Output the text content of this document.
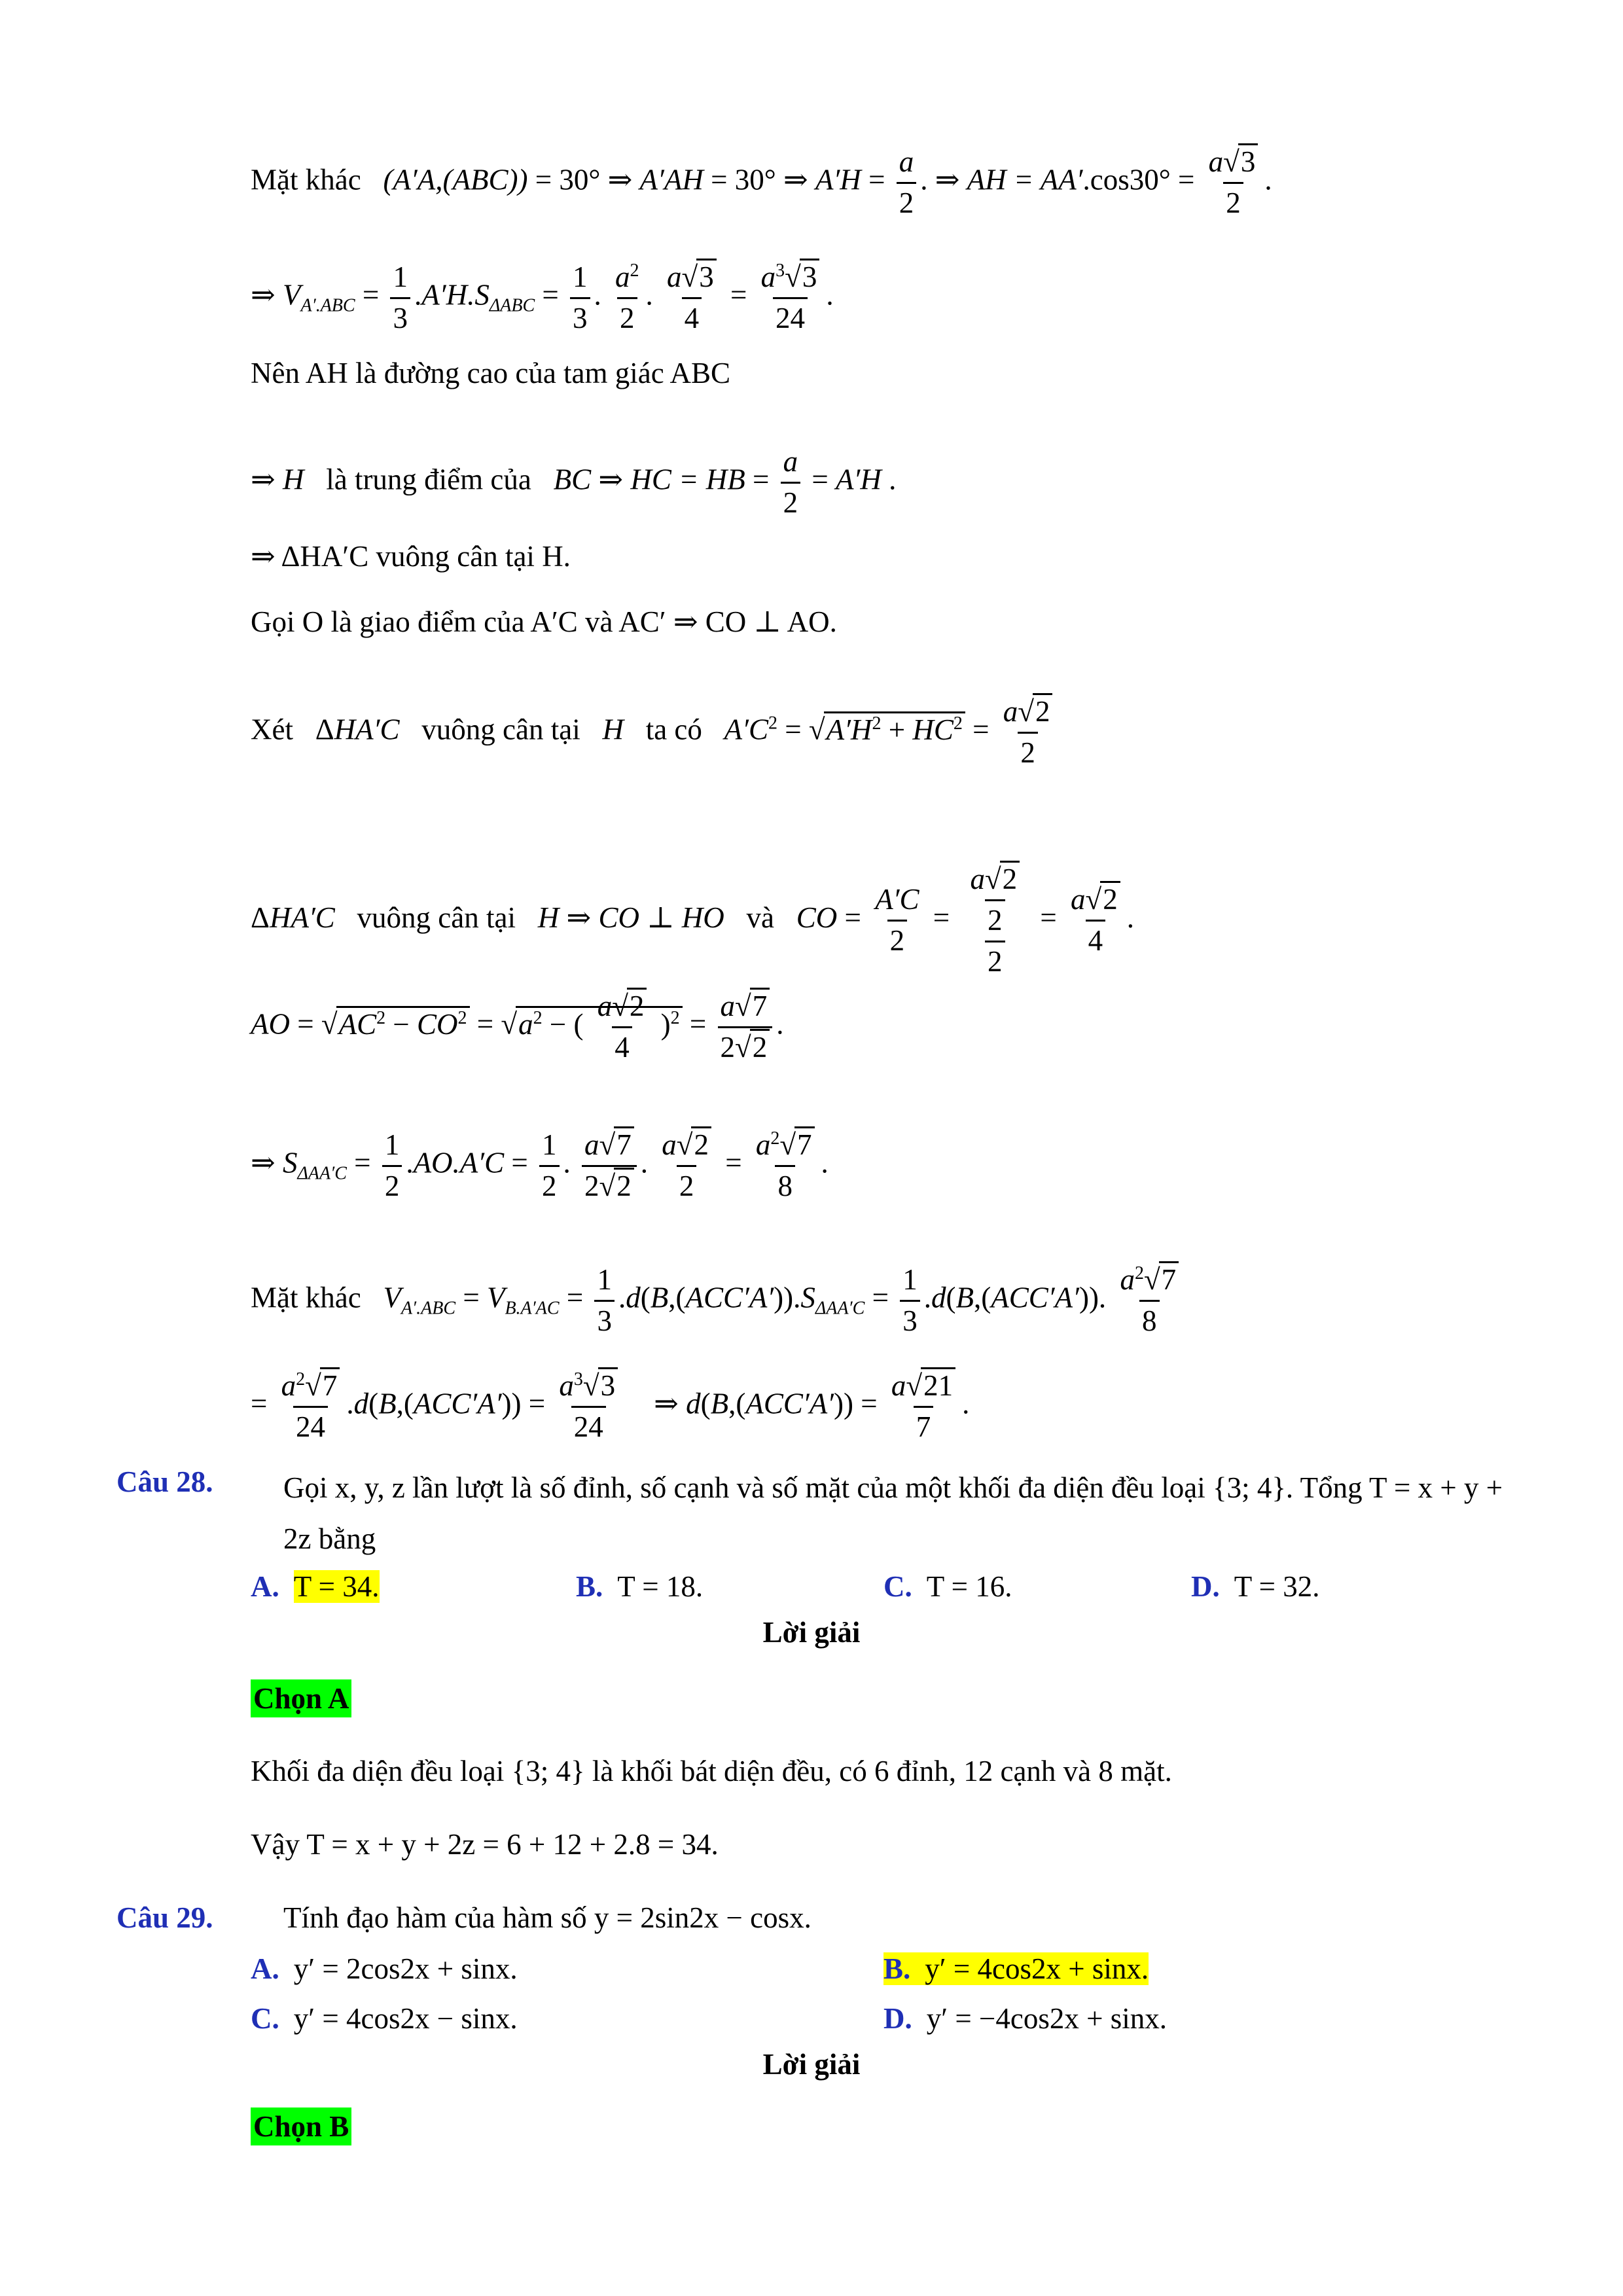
Mặt khác   (A′A,(ABC)) = 30° ⇒ A′AH = 30° ⇒ $A'H = \frac{a}{2}$ . ⇒ AH = $AA'.\cos 30^\circ = \frac{a√3}{2}$ .
⇒ $V_{A'.ABC} = \frac{1}{3} .A'H.S_{\Delta ABC} = \frac{1}{3}$ . $\frac{a^2}{2}$ . $\frac{a√3}{4} = \frac{a^3√3}{24}$ .
Nên AH là đường cao của tam giác ABC
⇒ H   là trung điểm của   BC ⇒ HC = HB = $\frac{a}{2} = A'H$ .
⇒ ΔHA′C vuông cân tại H.
Gọi O là giao điểm của A′C và AC′ ⇒ CO ⊥ AO.
Xét   ΔHA′C   vuông cân tại   H   ta có   $A'C^2 = √A'H^2 + HC^2 = \frac{a√2}{2}$
ΔHA′C   vuông cân tại   H ⇒ CO ⊥ HO   và   CO = $\frac{A'C}{2} = \frac{\frac{a√2}{2}}{2} = \frac{a√2}{4}$ .
AO = $√AC^2 - CO^2 = √a^2$ − ( $\frac{a√2}{4} )^2 = \frac{a√7}{2√2}$ .
⇒ $S_{\Delta AA'C} = \frac{1}{2} .AO.A'C = \frac{1}{2}$ . $\frac{a√7}{2√2}$ . $\frac{a√2}{2} = \frac{a^2√7}{8}$ .
Mặt khác   $V_{A'.ABC} = V_{B.A'AC} = \frac{1}{3} .d(B,(ACC'A')).S_{\Delta AA'C} = \frac{1}{3} .d(B,(ACC'A'))$. $\frac{a^2√7}{8}$
= $\frac{a^2√7}{24} .d(B,(ACC'A')) = \frac{a^3√3}{24}$ ⇒ $d(B,(ACC'A')) = \frac{a√21}{7}$ .
Câu 28. Gọi x, y, z lần lượt là số đỉnh, số cạnh và số mặt của một khối đa diện đều loại {3; 4}. Tổng T = x + y + 2z bằng
A. T = 34.	B. T = 18.	C. T = 16.	D. T = 32.
Lời giải
Chọn A
Khối đa diện đều loại {3; 4} là khối bát diện đều, có 6 đỉnh, 12 cạnh và 8 mặt.
Vậy T = x + y + 2z = 6 + 12 + 2.8 = 34.
Câu 29. Tính đạo hàm của hàm số y = 2sin2x − cosx.
A. y′ = 2cos2x + sinx.	B. y′ = 4cos2x + sinx.
C. y′ = 4cos2x − sinx.	D. y′ = −4cos2x + sinx.
Lời giải
Chọn B
